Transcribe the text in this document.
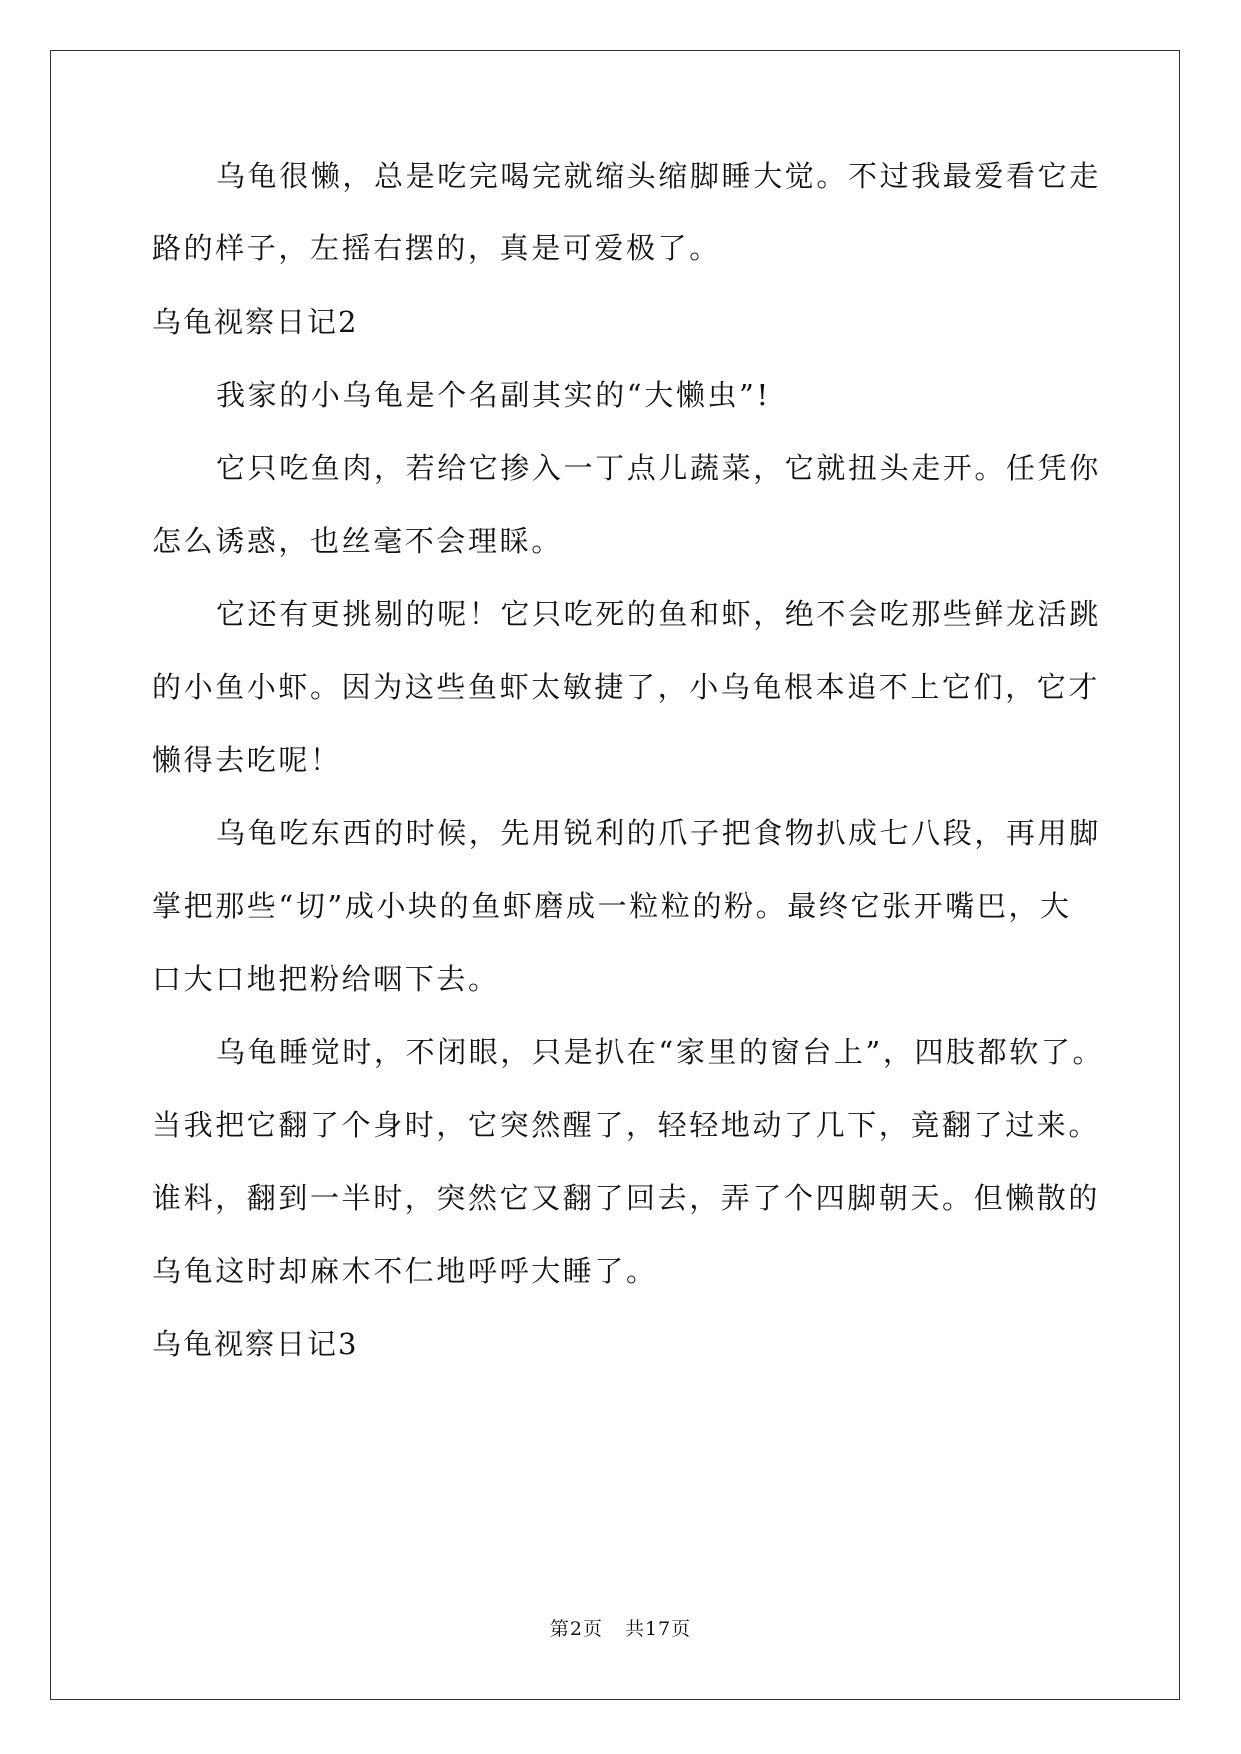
乌龟很懒，总是吃完喝完就缩头缩脚睡大觉。不过我最爱看它走
路的样子，左摇右摆的，真是可爱极了。
乌龟视察日记2
我家的小乌龟是个名副其实的“大懒虫”!
它只吃鱼肉，若给它掺入一丁点儿蔬菜，它就扭头走开。任凭你
怎么诱惑，也丝毫不会理睬。
它还有更挑剔的呢！它只吃死的鱼和虾，绝不会吃那些鲜龙活跳
的小鱼小虾。因为这些鱼虾太敏捷了，小乌龟根本追不上它们，它才
懒得去吃呢！
乌龟吃东西的时候，先用锐利的爪子把食物扒成七八段，再用脚
掌把那些“切”成小块的鱼虾磨成一粒粒的粉。最终它张开嘴巴，大
口大口地把粉给咽下去。
乌龟睡觉时，不闭眼，只是扒在“家里的窗台上”，四肢都软了。
当我把它翻了个身时，它突然醒了，轻轻地动了几下，竟翻了过来。
谁料，翻到一半时，突然它又翻了回去，弄了个四脚朝天。但懒散的
乌龟这时却麻木不仁地呼呼大睡了。
乌龟视察日记3
第2页 共17页
